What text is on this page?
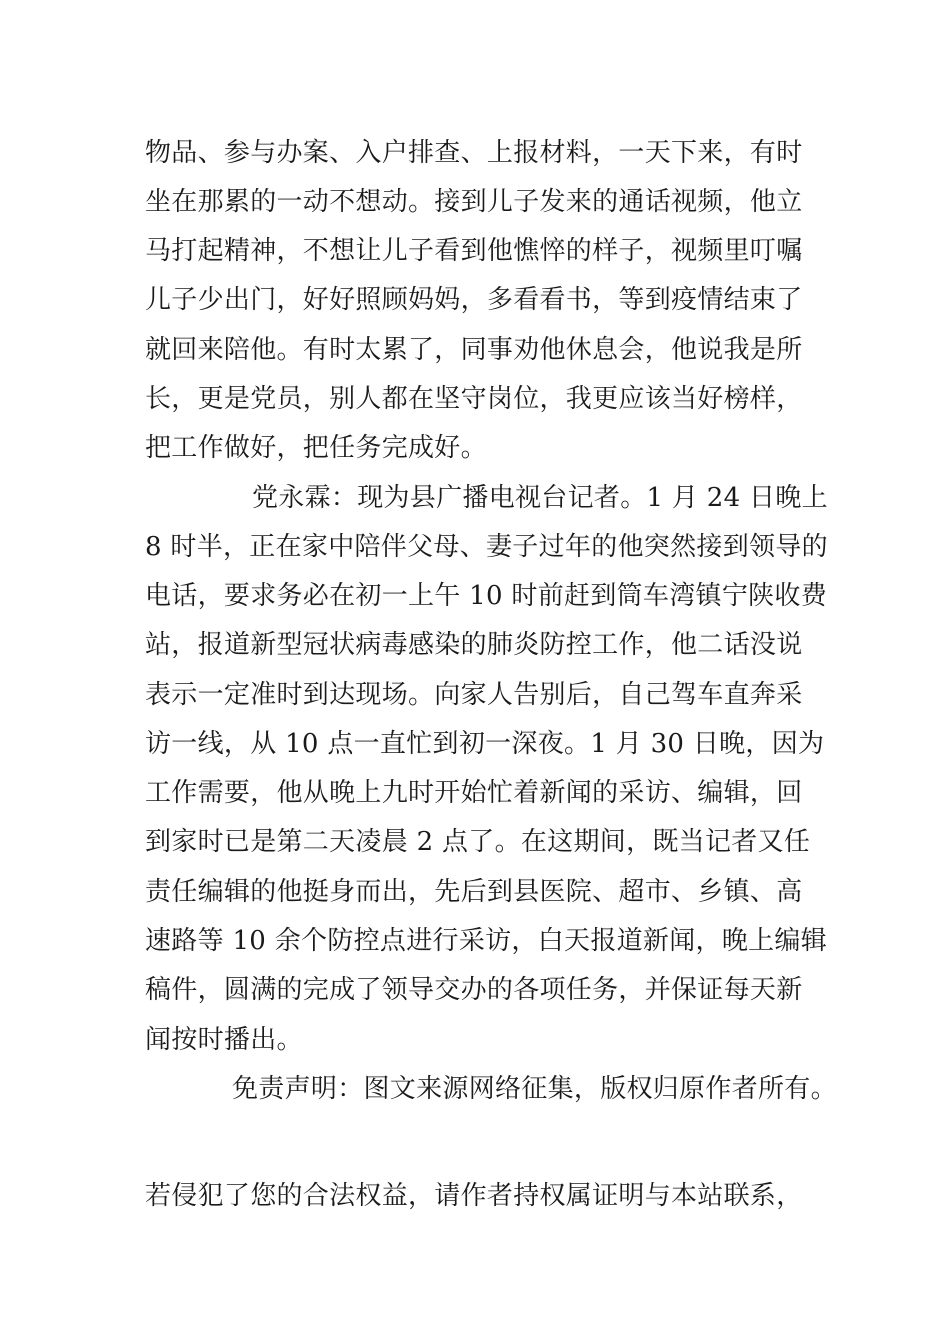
物品、参与办案、入户排查、上报材料，一天下来，有时
坐在那累的一动不想动。接到儿子发来的通话视频，他立
马打起精神，不想让儿子看到他憔悴的样子，视频里叮嘱
儿子少出门，好好照顾妈妈，多看看书，等到疫情结束了
就回来陪他。有时太累了，同事劝他休息会，他说我是所
长，更是党员，别人都在坚守岗位，我更应该当好榜样，
把工作做好，把任务完成好。
党永霖：现为县广播电视台记者。1 月 24 日晚上
8 时半，正在家中陪伴父母、妻子过年的他突然接到领导的
电话，要求务必在初一上午 10 时前赶到筒车湾镇宁陕收费
站，报道新型冠状病毒感染的肺炎防控工作，他二话没说
表示一定准时到达现场。向家人告别后，自己驾车直奔采
访一线，从 10 点一直忙到初一深夜。1 月 30 日晚，因为
工作需要，他从晚上九时开始忙着新闻的采访、编辑，回
到家时已是第二天凌晨 2 点了。在这期间，既当记者又任
责任编辑的他挺身而出，先后到县医院、超市、乡镇、高
速路等 10 余个防控点进行采访，白天报道新闻，晚上编辑
稿件，圆满的完成了领导交办的各项任务，并保证每天新
闻按时播出。
免责声明：图文来源网络征集，版权归原作者所有。
若侵犯了您的合法权益，请作者持权属证明与本站联系，
